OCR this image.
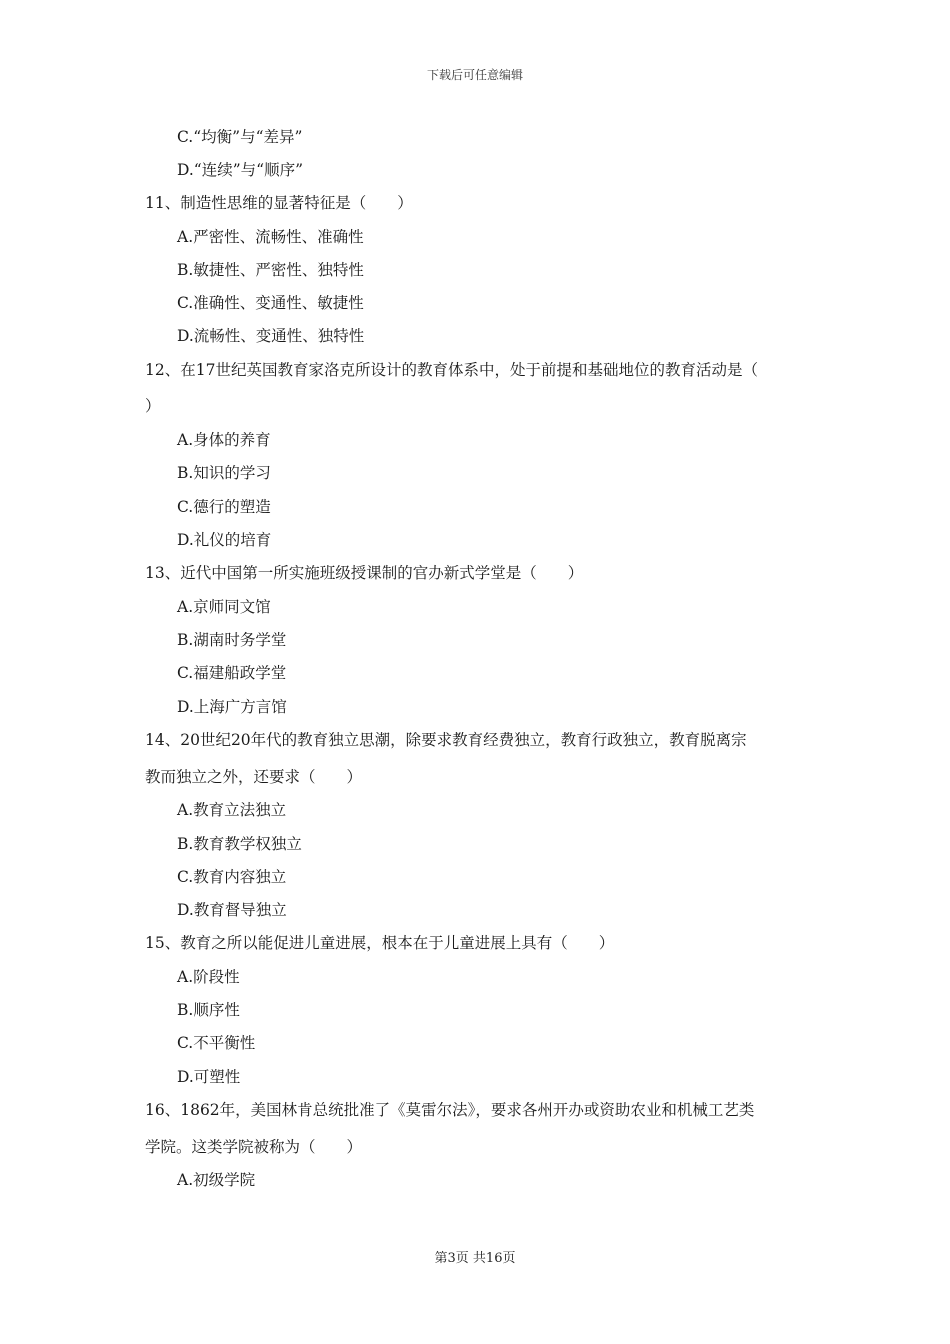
下载后可任意编辑
C.“均衡”与“差异”
D.“连续”与“顺序”
11、制造性思维的显著特征是（　　）
A.严密性、流畅性、准确性
B.敏捷性、严密性、独特性
C.准确性、变通性、敏捷性
D.流畅性、变通性、独特性
12、在17世纪英国教育家洛克所设计的教育体系中，处于前提和基础地位的教育活动是（
）
A.身体的养育
B.知识的学习
C.德行的塑造
D.礼仪的培育
13、近代中国第一所实施班级授课制的官办新式学堂是（　　）
A.京师同文馆
B.湖南时务学堂
C.福建船政学堂
D.上海广方言馆
14、20世纪20年代的教育独立思潮，除要求教育经费独立，教育行政独立，教育脱离宗
教而独立之外，还要求（　　）
A.教育立法独立
B.教育教学权独立
C.教育内容独立
D.教育督导独立
15、教育之所以能促进儿童进展，根本在于儿童进展上具有（　　）
A.阶段性
B.顺序性
C.不平衡性
D.可塑性
16、1862年，美国林肯总统批准了《莫雷尔法》，要求各州开办或资助农业和机械工艺类
学院。这类学院被称为（　　）
A.初级学院
第3页 共16页
